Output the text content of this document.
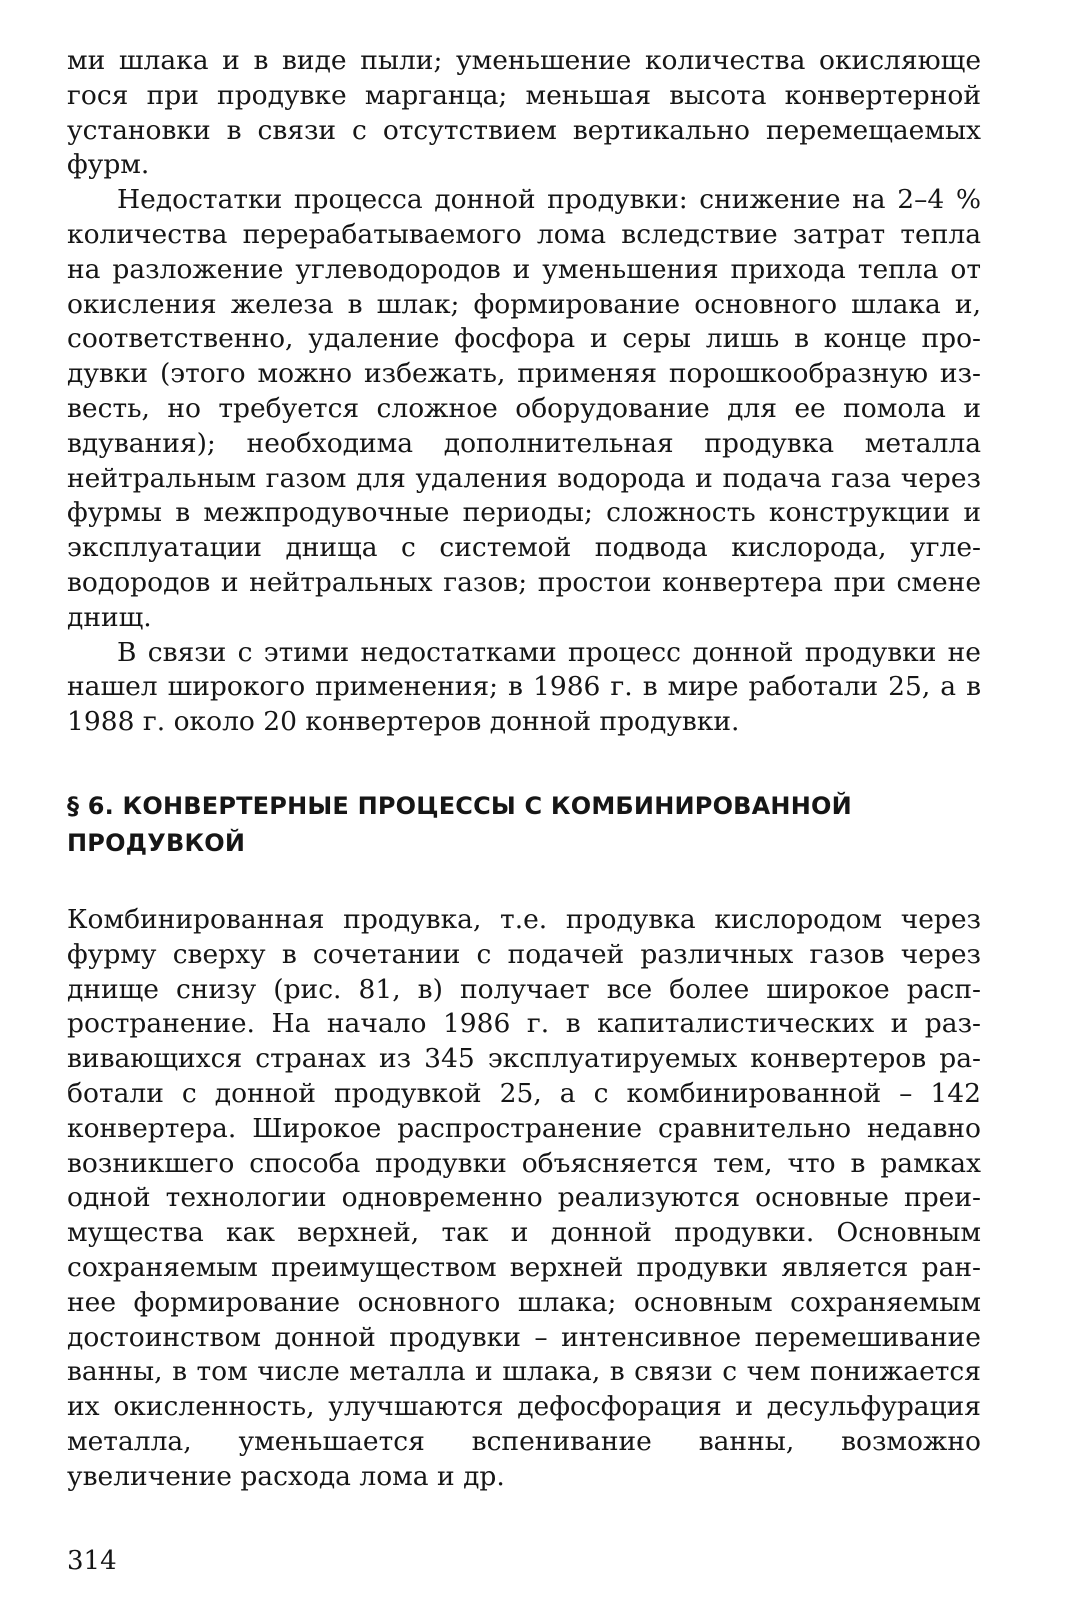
ми шлака и в виде пыли; уменьшение количества окисляюще гося при продувке марганца; меньшая высота конвертерной установки в связи с отсутствием вертикально перемещаемых фурм.

Недостатки процесса донной продувки: снижение на 2–4 % количества перерабатываемого лома вследствие затрат тепла на разложение углеводородов и уменьшения прихода тепла от окисления железа в шлак; формирование основного шлака и, соответственно, удаление фосфора и серы лишь в конце продувки (этого можно избежать, применяя порошкообразную известь, но требуется сложное оборудование для ее помола и вдувания); необходима дополнительная продувка металла нейтральным газом для удаления водорода и подача газа через фурмы в межпродувочные периоды; сложность конструкции и эксплуатации днища с системой подвода кислорода, углеводородов и нейтральных газов; простои конвертера при смене днищ.

В связи с этими недостатками процесс донной продувки не нашел широкого применения; в 1986 г. в мире работали 25, а в 1988 г. около 20 конвертеров донной продувки.

§ 6. КОНВЕРТЕРНЫЕ ПРОЦЕССЫ С КОМБИНИРОВАННОЙ ПРОДУВКОЙ

Комбинированная продувка, т.е. продувка кислородом через фурму сверху в сочетании с подачей различных газов через днище снизу (рис. 81, в) получает все более широкое распространение. На начало 1986 г. в капиталистических и развивающихся странах из 345 эксплуатируемых конвертеров работали с донной продувкой 25, а с комбинированной – 142 конвертера. Широкое распространение сравнительно недавно возникшего способа продувки объясняется тем, что в рамках одной технологии одновременно реализуются основные преимущества как верхней, так и донной продувки. Основным сохраняемым преимуществом верхней продувки является раннее формирование основного шлака; основным сохраняемым достоинством донной продувки – интенсивное перемешивание ванны, в том числе металла и шлака, в связи с чем понижается их окисленность, улучшаются дефосфорация и десульфурация металла, уменьшается вспенивание ванны, возможно увеличение расхода лома и др.

314
